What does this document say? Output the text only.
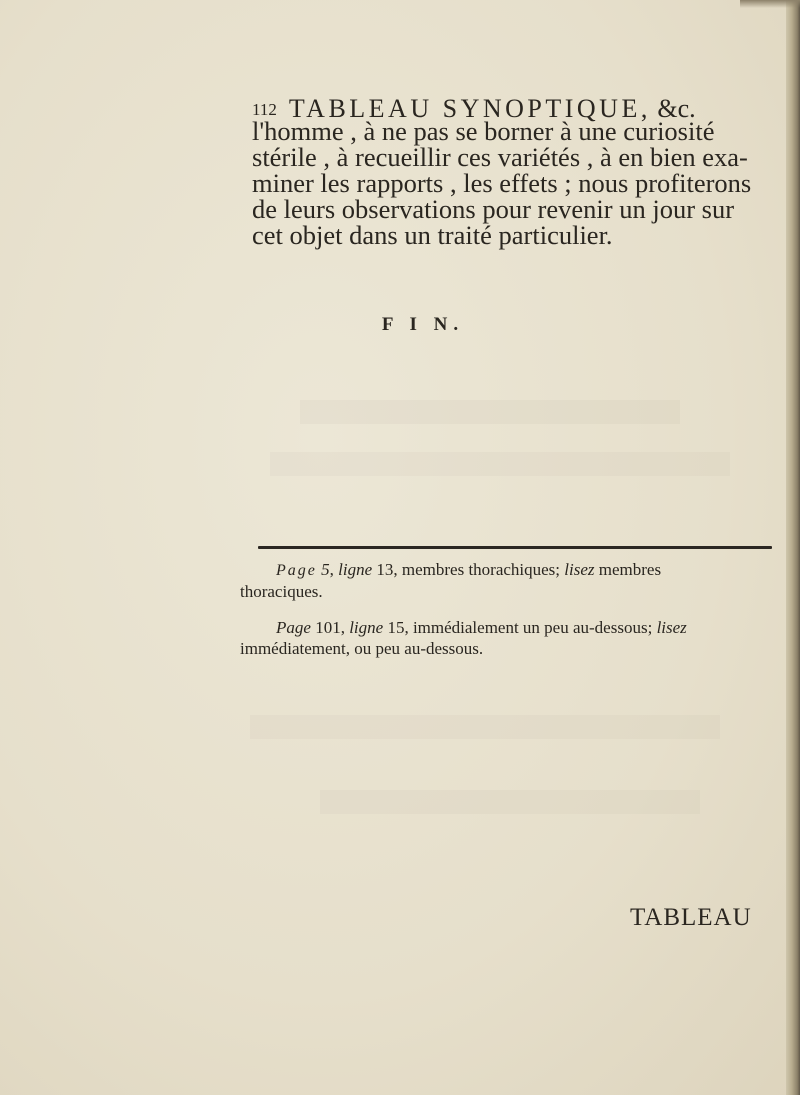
112 TABLEAU SYNOPTIQUE, &c.
l'homme , à ne pas se borner à une curiosité
stérile , à recueillir ces variétés , à en bien exa-
miner les rapports , les effets ; nous profiterons
de leurs observations pour revenir un jour sur
cet objet dans un traité particulier.
F I N.
Page 5, ligne 13, membres thorachiques; lisez membres
thoraciques.
Page 101, ligne 15, immédialement un peu au-dessous; lisez
immédiatement, ou peu au-dessous.
TABLEAU
